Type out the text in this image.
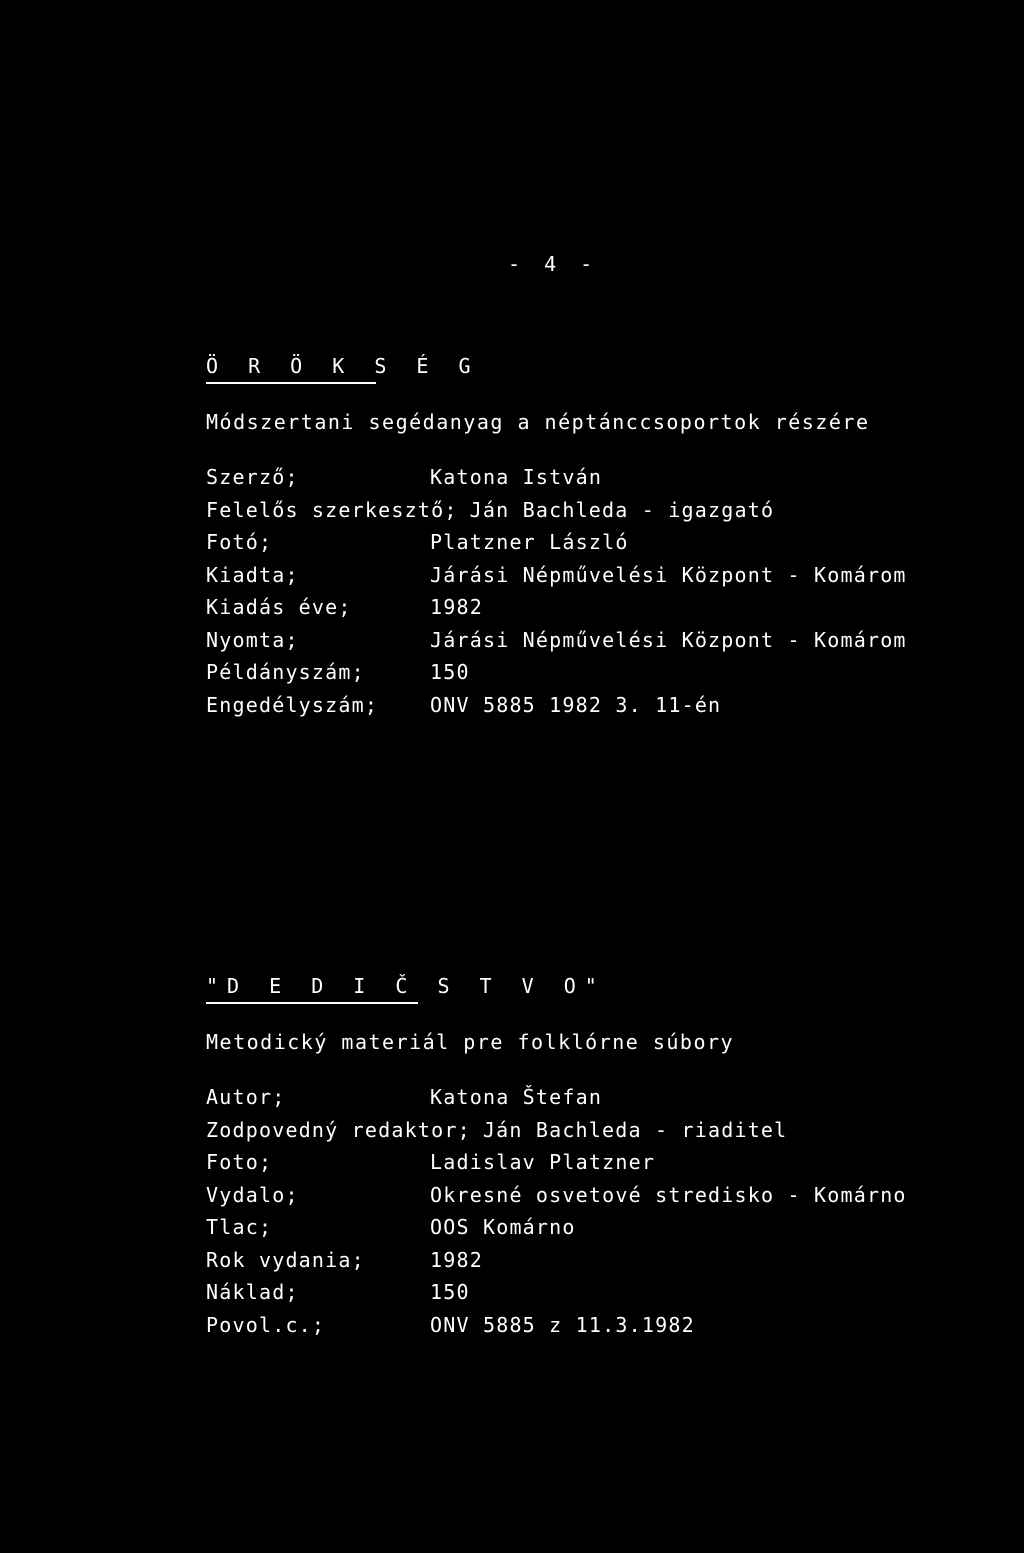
- 4 -
Ö R Ö K S É G
Módszertani segédanyag a néptánccsoportok részére
Szerző;	Katona István
Felelős szerkesztő; Ján Bachleda - igazgató
Fotó;	Platzner László
Kiadta;	Járási Népművelési Központ - Komárom
Kiadás éve;	1982
Nyomta;	Járási Népművelési Központ - Komárom
Példányszám;	150
Engedélyszám;	ONV 5885 1982 3. 11-én
"D E D I Č S T V O"
Metodický materiál pre folklórne súbory
Autor;	Katona Štefan
Zodpovedný redaktor; Ján Bachleda - riaditel
Foto;	Ladislav Platzner
Vydalo;	Okresné osvetové stredisko - Komárno
Tlac;	OOS Komárno
Rok vydania;	1982
Náklad;	150
Povol.c.;	ONV 5885 z 11.3.1982
